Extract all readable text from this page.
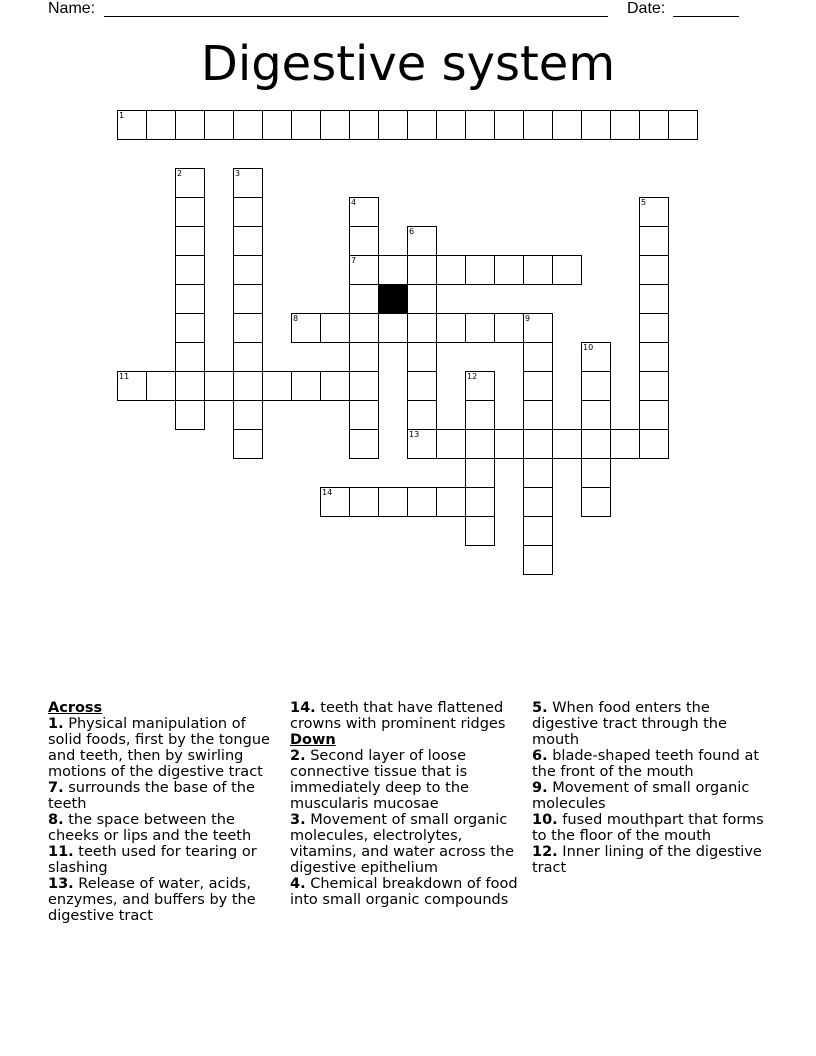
Name:	Date:
Digestive system
1
2	3
4
7
5
6
13
8	9
10
11	12
14

Across

1. Physical manipulation of solid foods, first by the tongue and teeth, then by swirling motions of the digestive tract

7. surrounds the base of the teeth

8. the space between the cheeks or lips and the teeth

11. teeth used for tearing or slashing

13. Release of water, acids, enzymes, and buffers by the digestive tract

14. teeth that have flattened crowns with prominent ridges

Down

2. Second layer of loose connective tissue that is immediately deep to the muscularis mucosae

3. Movement of small organic molecules, electrolytes, vitamins, and water across the digestive epithelium

4. Chemical breakdown of food into small organic compounds

5. When food enters the digestive tract through the mouth

6. blade-shaped teeth found at the front of the mouth

9. Movement of small organic molecules

10. fused mouthpart that forms to the floor of the mouth

12. Inner lining of the digestive tract
